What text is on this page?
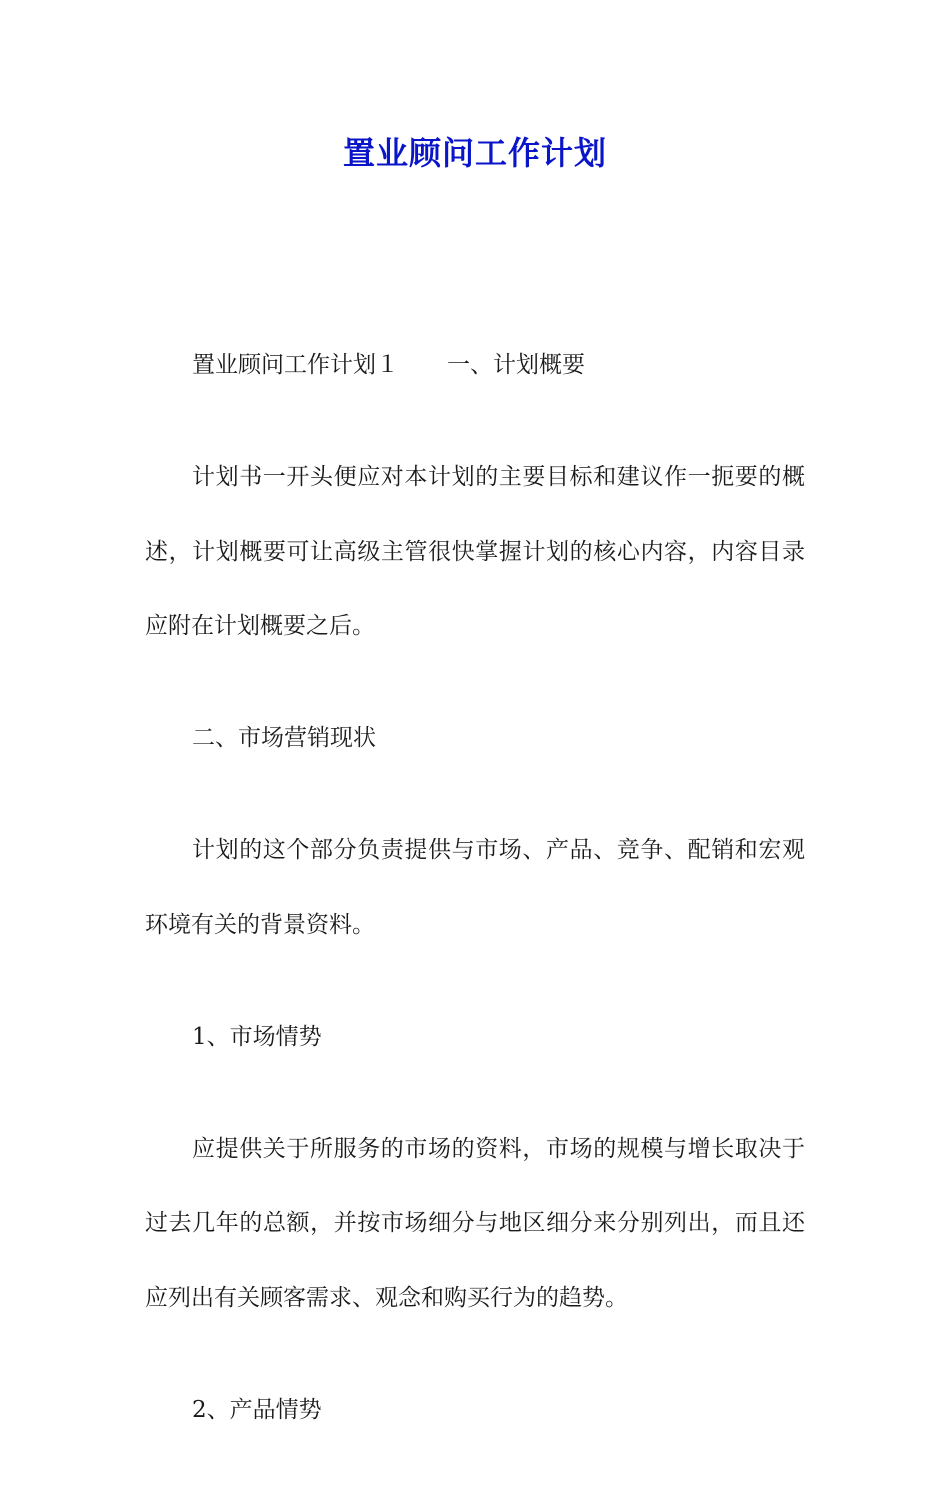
置业顾问工作计划

置业顾问工作计划１ 一、计划概要

计划书一开头便应对本计划的主要目标和建议作一扼要的概述，计划概要可让高级主管很快掌握计划的核心内容，内容目录应附在计划概要之后。

二、市场营销现状

计划的这个部分负责提供与市场、产品、竞争、配销和宏观环境有关的背景资料。

1、市场情势

应提供关于所服务的市场的资料，市场的规模与增长取决于过去几年的总额，并按市场细分与地区细分来分别列出，而且还应列出有关顾客需求、观念和购买行为的趋势。

2、产品情势
